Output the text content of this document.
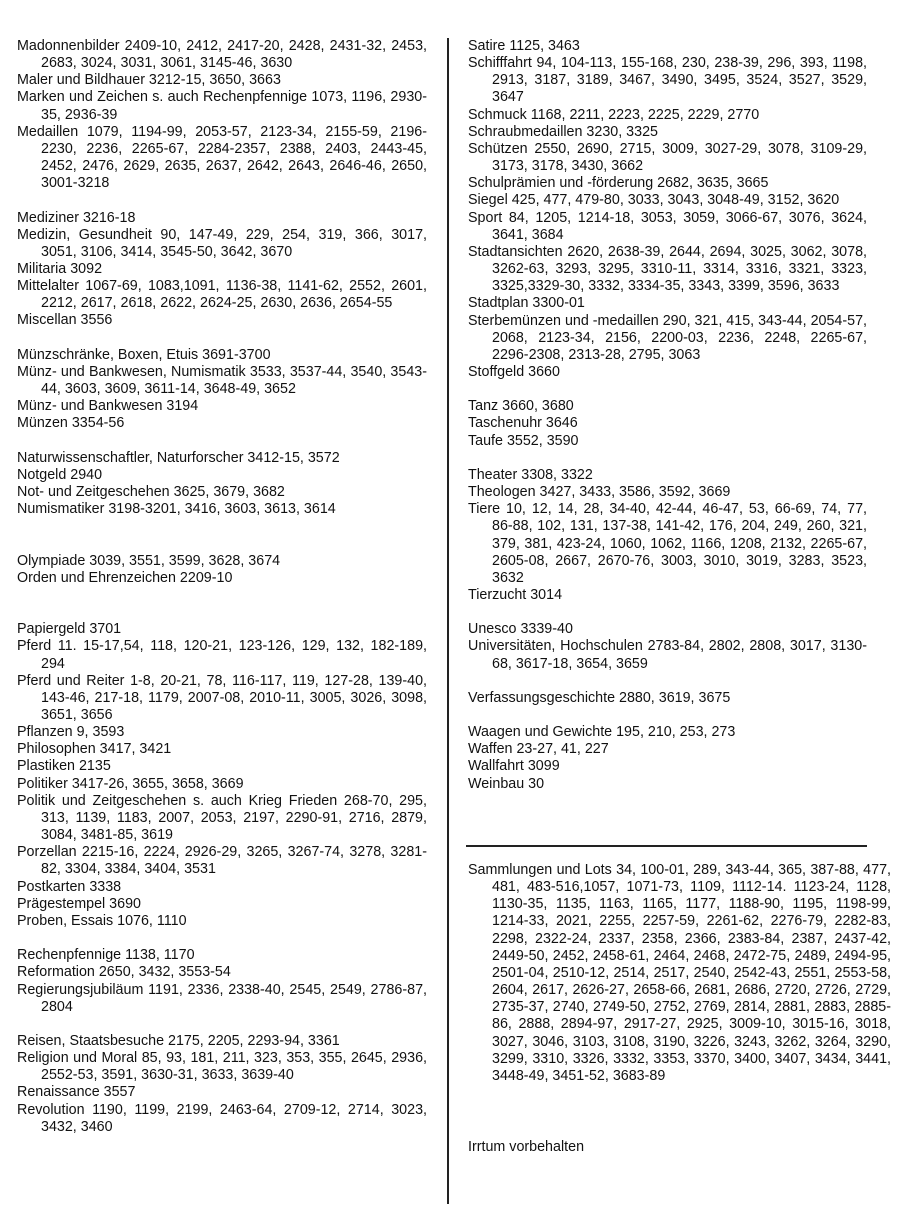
Madonnenbilder 2409-10, 2412, 2417-20, 2428, 2431-32, 2453, 2683, 3024, 3031, 3061, 3145-46, 3630
Maler und Bildhauer 3212-15, 3650, 3663
Marken und Zeichen s. auch Rechenpfennige 1073, 1196, 2930-35, 2936-39
Medaillen 1079, 1194-99, 2053-57, 2123-34, 2155-59, 2196-2230, 2236, 2265-67, 2284-2357, 2388, 2403, 2443-45, 2452, 2476, 2629, 2635, 2637, 2642, 2643, 2646-46, 2650, 3001-3218
Mediziner 3216-18
Medizin, Gesundheit 90, 147-49, 229, 254, 319, 366, 3017, 3051, 3106, 3414, 3545-50, 3642, 3670
Militaria 3092
Mittelalter 1067-69, 1083,1091, 1136-38, 1141-62, 2552, 2601, 2212, 2617, 2618, 2622, 2624-25, 2630, 2636, 2654-55
Miscellan 3556
Münzschränke, Boxen, Etuis 3691-3700
Münz- und Bankwesen, Numismatik 3533, 3537-44, 3540, 3543-44, 3603, 3609, 3611-14, 3648-49, 3652
Münz- und Bankwesen 3194
Münzen 3354-56
Naturwissenschaftler, Naturforscher 3412-15, 3572
Notgeld 2940
Not- und Zeitgeschehen 3625, 3679, 3682
Numismatiker 3198-3201, 3416, 3603, 3613, 3614
Olympiade 3039, 3551, 3599, 3628, 3674
Orden und Ehrenzeichen 2209-10
Papiergeld 3701
Pferd 11. 15-17,54, 118, 120-21, 123-126, 129, 132, 182-189, 294
Pferd und Reiter 1-8, 20-21, 78, 116-117, 119, 127-28, 139-40, 143-46, 217-18, 1179, 2007-08, 2010-11, 3005, 3026, 3098, 3651, 3656
Pflanzen 9, 3593
Philosophen 3417, 3421
Plastiken 2135
Politiker 3417-26, 3655, 3658, 3669
Politik und Zeitgeschehen s. auch Krieg Frieden 268-70, 295, 313, 1139, 1183, 2007, 2053, 2197, 2290-91, 2716, 2879, 3084, 3481-85, 3619
Porzellan 2215-16, 2224, 2926-29, 3265, 3267-74, 3278, 3281-82, 3304, 3384, 3404, 3531
Postkarten 3338
Prägestempel 3690
Proben, Essais 1076, 1110
Rechenpfennige 1138, 1170
Reformation 2650, 3432, 3553-54
Regierungsjubiläum 1191, 2336, 2338-40, 2545, 2549, 2786-87, 2804
Reisen, Staatsbesuche 2175, 2205, 2293-94, 3361
Religion und Moral 85, 93, 181, 211, 323, 353, 355, 2645, 2936, 2552-53, 3591, 3630-31, 3633, 3639-40
Renaissance 3557
Revolution 1190, 1199, 2199, 2463-64, 2709-12, 2714, 3023, 3432, 3460
Satire 1125, 3463
Schifffahrt 94, 104-113, 155-168, 230, 238-39, 296, 393, 1198, 2913, 3187, 3189, 3467, 3490, 3495, 3524, 3527, 3529, 3647
Schmuck 1168, 2211, 2223, 2225, 2229, 2770
Schraubmedaillen 3230, 3325
Schützen 2550, 2690, 2715, 3009, 3027-29, 3078, 3109-29, 3173, 3178, 3430, 3662
Schulprämien und -förderung 2682, 3635, 3665
Siegel 425, 477, 479-80, 3033, 3043, 3048-49, 3152, 3620
Sport 84, 1205, 1214-18, 3053, 3059, 3066-67, 3076, 3624, 3641, 3684
Stadtansichten 2620, 2638-39, 2644, 2694, 3025, 3062, 3078, 3262-63, 3293, 3295, 3310-11, 3314, 3316, 3321, 3323, 3325,3329-30, 3332, 3334-35, 3343, 3399, 3596, 3633
Stadtplan 3300-01
Sterbemünzen und -medaillen 290, 321, 415, 343-44, 2054-57, 2068, 2123-34, 2156, 2200-03, 2236, 2248, 2265-67, 2296-2308, 2313-28, 2795, 3063
Stoffgeld 3660
Tanz 3660, 3680
Taschenuhr 3646
Taufe 3552, 3590
Theater 3308, 3322
Theologen 3427, 3433, 3586, 3592, 3669
Tiere 10, 12, 14, 28, 34-40, 42-44, 46-47, 53, 66-69, 74, 77, 86-88, 102, 131, 137-38, 141-42, 176, 204, 249, 260, 321, 379, 381, 423-24, 1060, 1062, 1166, 1208, 2132, 2265-67, 2605-08, 2667, 2670-76, 3003, 3010, 3019, 3283, 3523, 3632
Tierzucht 3014
Unesco 3339-40
Universitäten, Hochschulen 2783-84, 2802, 2808, 3017, 3130-68, 3617-18, 3654, 3659
Verfassungsgeschichte 2880, 3619, 3675
Waagen und Gewichte 195, 210, 253, 273
Waffen 23-27, 41, 227
Wallfahrt 3099
Weinbau 30
Sammlungen und Lots 34, 100-01, 289, 343-44, 365, 387-88, 477, 481, 483-516,1057, 1071-73, 1109, 1112-14. 1123-24, 1128, 1130-35, 1135, 1163, 1165, 1177, 1188-90, 1195, 1198-99, 1214-33, 2021, 2255, 2257-59, 2261-62, 2276-79, 2282-83, 2298, 2322-24, 2337, 2358, 2366, 2383-84, 2387, 2437-42, 2449-50, 2452, 2458-61, 2464, 2468, 2472-75, 2489, 2494-95, 2501-04, 2510-12, 2514, 2517, 2540, 2542-43, 2551, 2553-58, 2604, 2617, 2626-27, 2658-66, 2681, 2686, 2720, 2726, 2729, 2735-37, 2740, 2749-50, 2752, 2769, 2814, 2881, 2883, 2885-86, 2888, 2894-97, 2917-27, 2925, 3009-10, 3015-16, 3018, 3027, 3046, 3103, 3108, 3190, 3226, 3243, 3262, 3264, 3290, 3299, 3310, 3326, 3332, 3353, 3370, 3400, 3407, 3434, 3441, 3448-49, 3451-52, 3683-89
Irrtum vorbehalten
